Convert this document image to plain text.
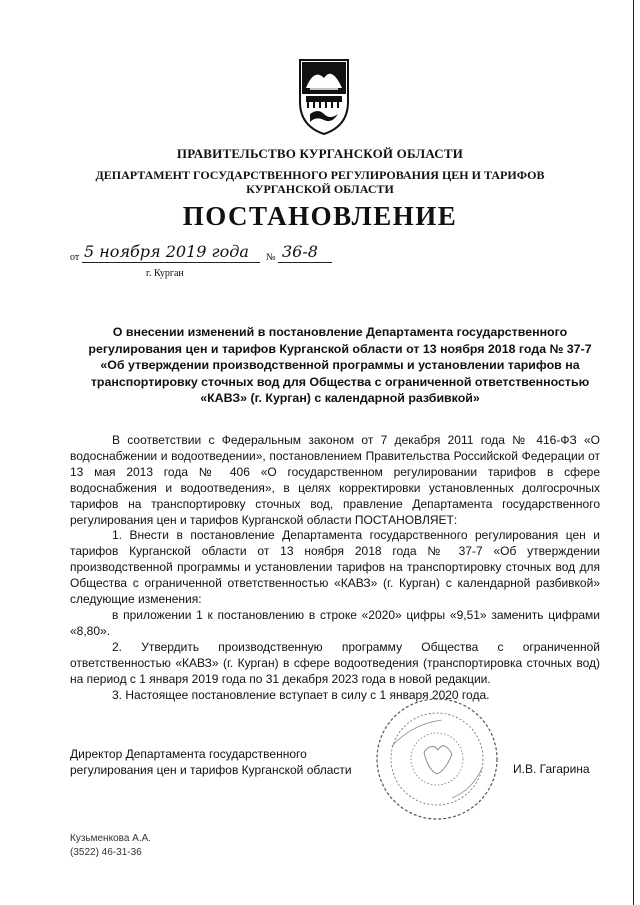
ПРАВИТЕЛЬСТВО КУРГАНСКОЙ ОБЛАСТИ
ДЕПАРТАМЕНТ ГОСУДАРСТВЕННОГО РЕГУЛИРОВАНИЯ ЦЕН И ТАРИФОВ
КУРГАНСКОЙ ОБЛАСТИ
ПОСТАНОВЛЕНИЕ
от 5 ноября 2019 года № 36-8
г. Курган
О внесении изменений в постановление Департамента государственного
регулирования цен и тарифов Курганской области от 13 ноября 2018 года № 37-7
«Об утверждении производственной программы и установлении тарифов на
транспортировку сточных вод для Общества с ограниченной ответственностью
«КАВЗ» (г. Курган) с календарной разбивкой»

В соответствии с Федеральным законом от 7 декабря 2011 года № 416-ФЗ «О водоснабжении и водоотведении», постановлением Правительства Российской Федерации от 13 мая 2013 года № 406 «О государственном регулировании тарифов в сфере водоснабжения и водоотведения», в целях корректировки установленных долгосрочных тарифов на транспортировку сточных вод, правление Департамента государственного регулирования цен и тарифов Курганской области ПОСТАНОВЛЯЕТ:

1. Внести в постановление Департамента государственного регулирования цен и тарифов Курганской области от 13 ноября 2018 года № 37-7 «Об утверждении производственной программы и установлении тарифов на транспортировку сточных вод для Общества с ограниченной ответственностью «КАВЗ» (г. Курган) с календарной разбивкой» следующие изменения:

в приложении 1 к постановлению в строке «2020» цифры «9,51» заменить цифрами «8,80».

2. Утвердить производственную программу Общества с ограниченной ответственностью «КАВЗ» (г. Курган) в сфере водоотведения (транспортировка сточных вод) на период с 1 января 2019 года по 31 декабря 2023 года в новой редакции.

3. Настоящее постановление вступает в силу с 1 января 2020 года.

Директор Департамента государственного
регулирования цен и тарифов Курганской области	И.В. Гагарина
Кузьменкова А.А.
(3522) 46-31-36
